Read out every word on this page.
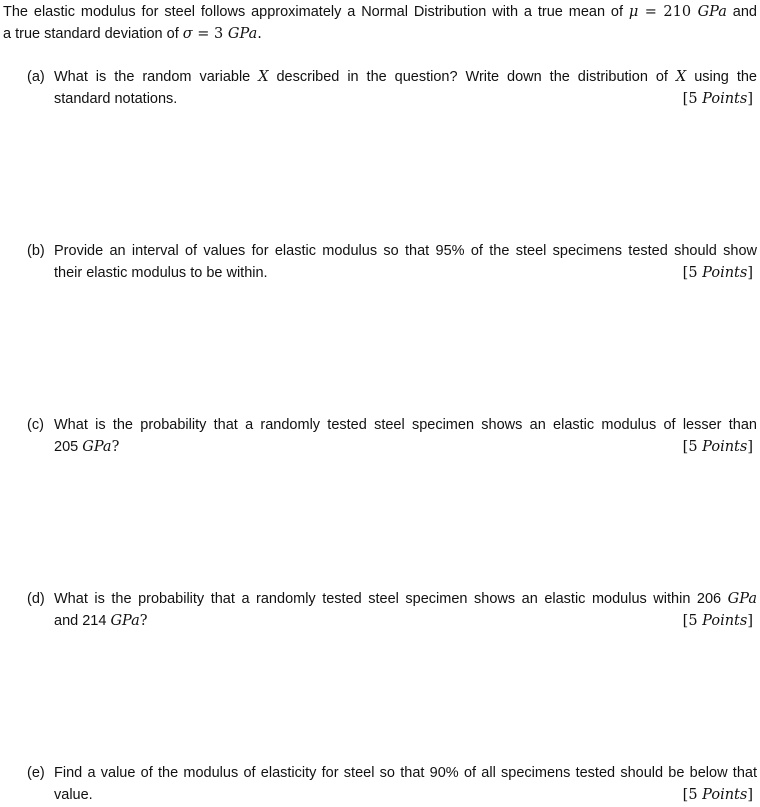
The elastic modulus for steel follows approximately a Normal Distribution with a true mean of μ = 210 GPa and
a true standard deviation of σ = 3 GPa.
(a) What is the random variable X described in the question? Write down the distribution of X using the
standard notations.	[5 Points]
(b) Provide an interval of values for elastic modulus so that 95% of the steel specimens tested should show
their elastic modulus to be within.	[5 Points]
(c) What is the probability that a randomly tested steel specimen shows an elastic modulus of lesser than
205 GPa?	[5 Points]
(d) What is the probability that a randomly tested steel specimen shows an elastic modulus within 206 GPa
and 214 GPa?	[5 Points]
(e) Find a value of the modulus of elasticity for steel so that 90% of all specimens tested should be below that
value.	[5 Points]
